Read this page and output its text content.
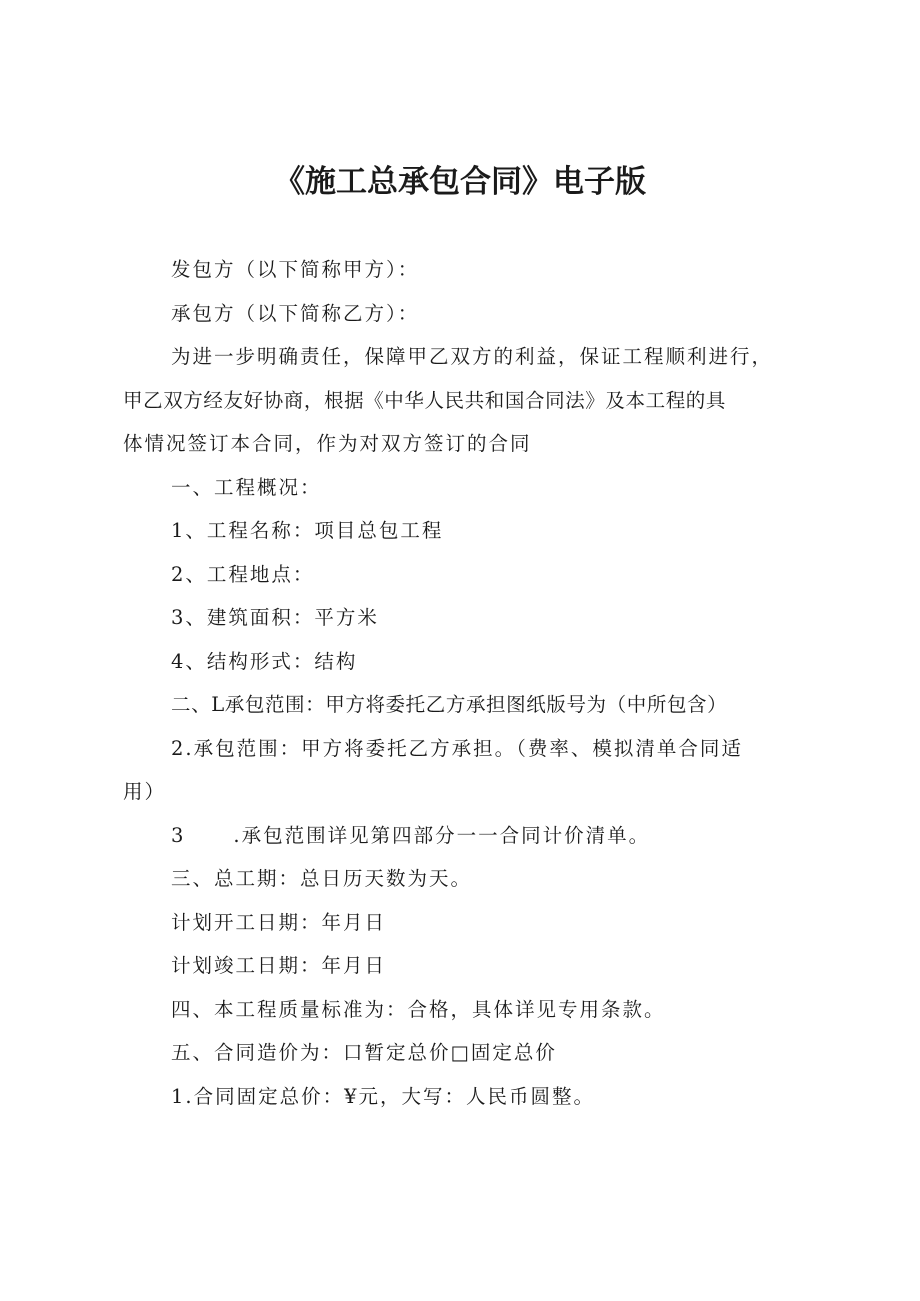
《施工总承包合同》电子版
发包方（以下简称甲方）：
承包方（以下简称乙方）：
为进一步明确责任，保障甲乙双方的利益，保证工程顺利进行，
甲乙双方经友好协商，根据《中华人民共和国合同法》及本工程的具
体情况签订本合同，作为对双方签订的合同
一、工程概况：
1、工程名称：项目总包工程
2、工程地点：
3、建筑面积：平方米
4、结构形式：结构
二、L承包范围：甲方将委托乙方承担图纸版号为（中所包含）
2.承包范围：甲方将委托乙方承担。（费率、模拟清单合同适
用）
3 .承包范围详见第四部分一一合同计价清单。
三、总工期：总日历天数为天。
计划开工日期：年月日
计划竣工日期：年月日
四、本工程质量标准为：合格，具体详见专用条款。
五、合同造价为：口暂定总价□固定总价
1.合同固定总价：¥元，大写：人民币圆整。
